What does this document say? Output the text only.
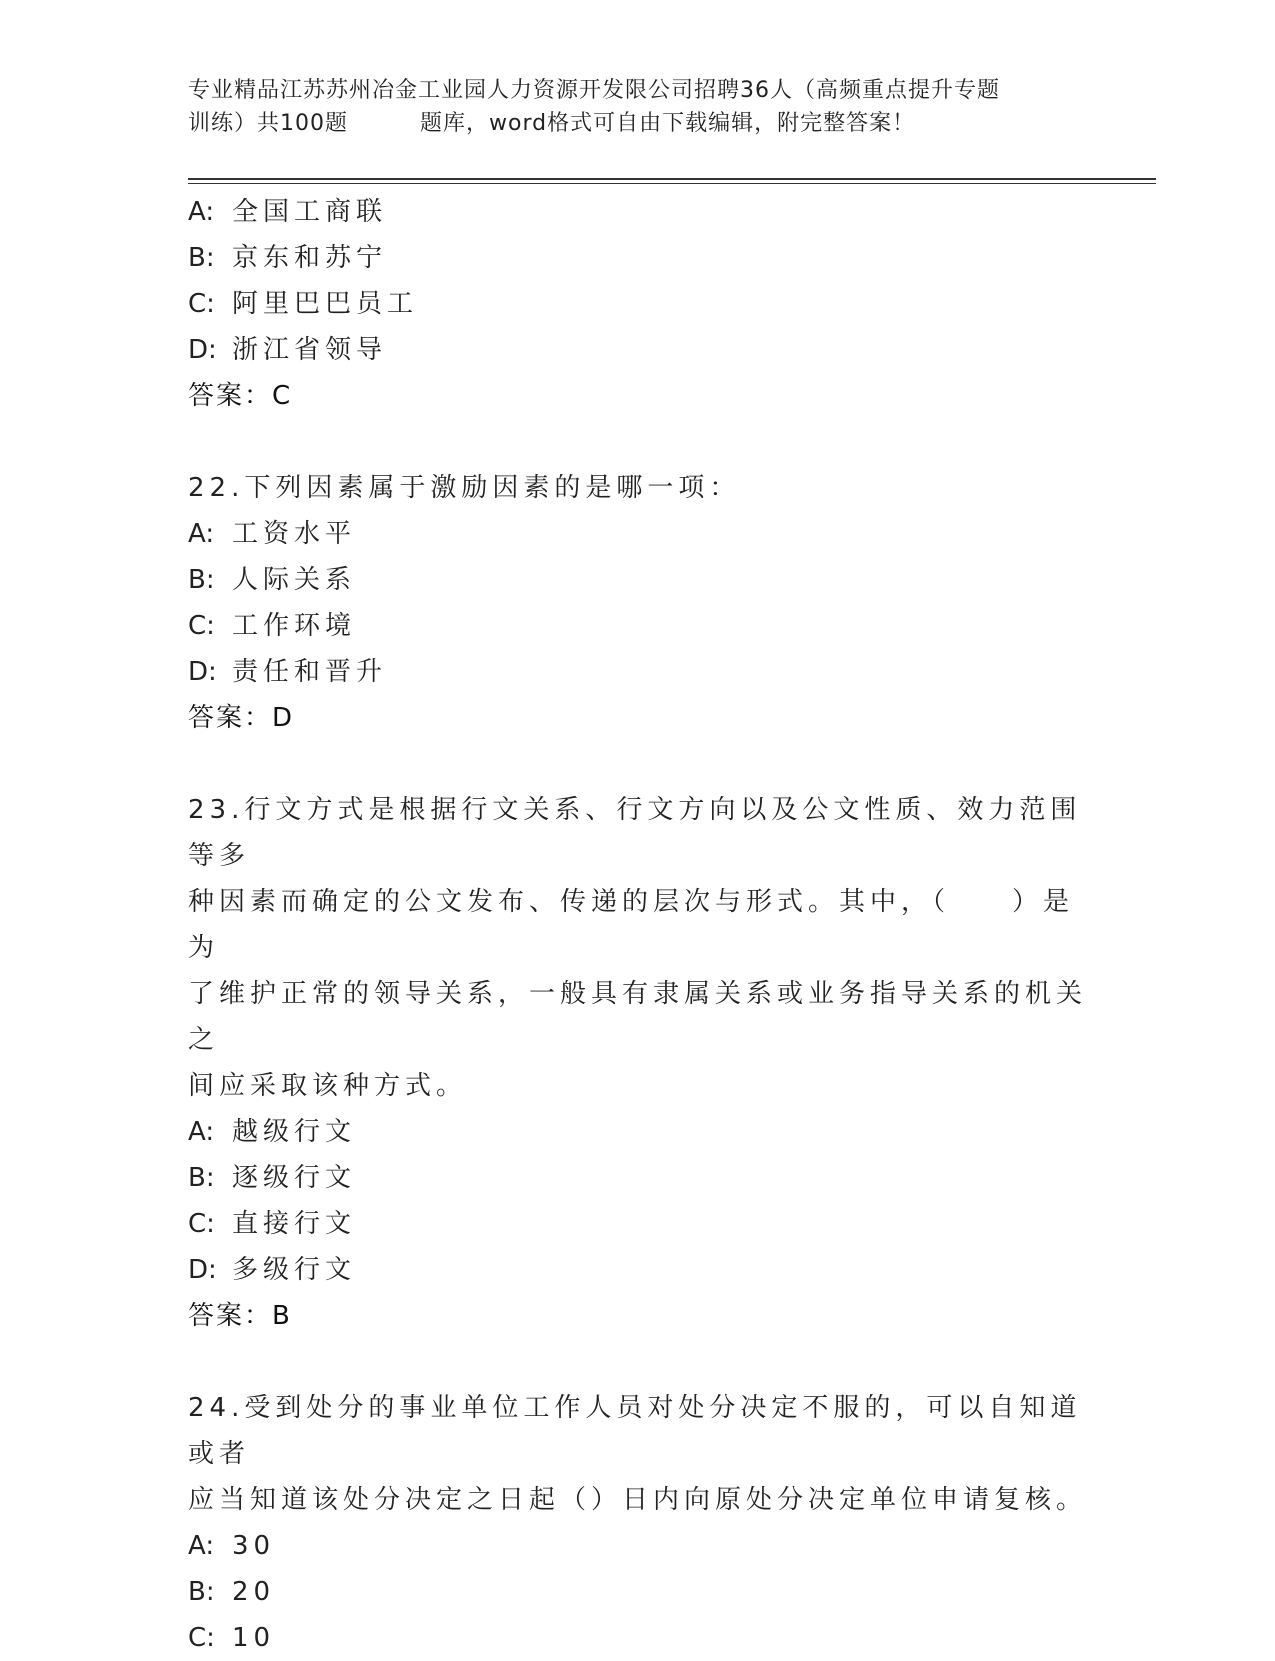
专业精品江苏苏州冶金工业园人力资源开发限公司招聘36人（高频重点提升专题
训练）共100题	题库，word格式可自由下载编辑，附完整答案！
A: 全国工商联
B: 京东和苏宁
C: 阿里巴巴员工
D: 浙江省领导
答案：C
22.下列因素属于激励因素的是哪一项：
A: 工资水平
B: 人际关系
C: 工作环境
D: 责任和晋升
答案：D
23.行文方式是根据行文关系、行文方向以及公文性质、效力范围等多
种因素而确定的公文发布、传递的层次与形式。其中，（　　）是为
了维护正常的领导关系，一般具有隶属关系或业务指导关系的机关之
间应采取该种方式。
A: 越级行文
B: 逐级行文
C: 直接行文
D: 多级行文
答案：B
24.受到处分的事业单位工作人员对处分决定不服的，可以自知道或者
应当知道该处分决定之日起（）日内向原处分决定单位申请复核。
A: 30
B: 20
C: 10
